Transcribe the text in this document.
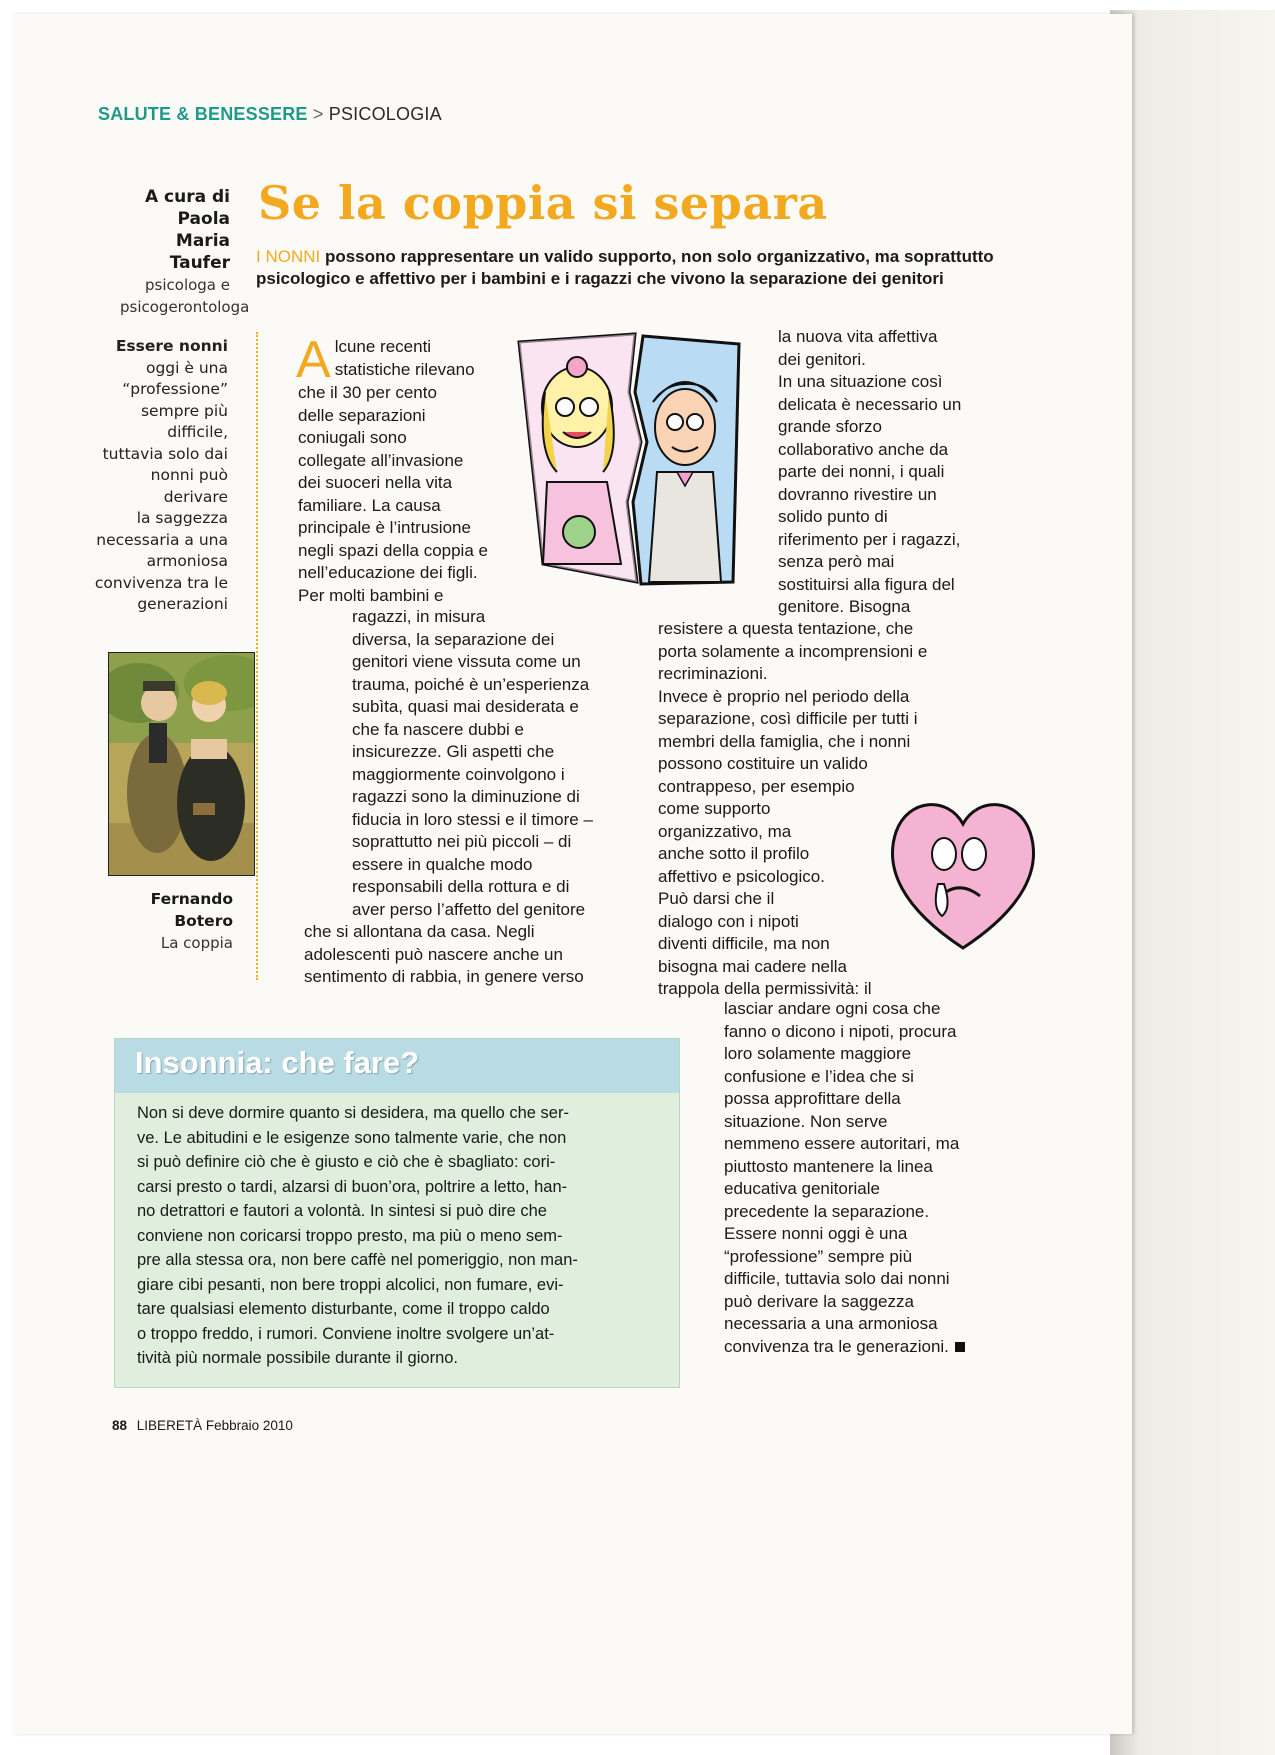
SALUTE & BENESSERE > PSICOLOGIA
A cura di
Paola Maria
Taufer
psicologa e
psicogerontologa
Se la coppia si separa
I NONNI possono rappresentare un valido supporto, non solo organizzativo, ma soprattutto
psicologico e affettivo per i bambini e i ragazzi che vivono la separazione dei genitori
Essere nonni
oggi è una
“professione”
sempre più difficile,
tuttavia solo dai
nonni può derivare
la saggezza
necessaria a una
armoniosa
convivenza tra le
generazioni
Fernando Botero
La coppia
A lcune recenti
statistiche rilevano
che il 30 per cento
delle separazioni
coniugali sono
collegate all’invasione
dei suoceri nella vita
familiare. La causa
principale è l’intrusione
negli spazi della coppia e
nell’educazione dei figli.
Per molti bambini e
ragazzi, in misura
diversa, la separazione dei
genitori viene vissuta come un
trauma, poiché è un’esperienza
subìta, quasi mai desiderata e
che fa nascere dubbi e
insicurezze. Gli aspetti che
maggiormente coinvolgono i
ragazzi sono la diminuzione di
fiducia in loro stessi e il timore –
soprattutto nei più piccoli – di
essere in qualche modo
responsabili della rottura e di
aver perso l’affetto del genitore
che si allontana da casa. Negli
adolescenti può nascere anche un
sentimento di rabbia, in genere verso
la nuova vita affettiva
dei genitori.
In una situazione così
delicata è necessario un
grande sforzo
collaborativo anche da
parte dei nonni, i quali
dovranno rivestire un
solido punto di
riferimento per i ragazzi,
senza però mai
sostituirsi alla figura del
genitore. Bisogna
resistere a questa tentazione, che
porta solamente a incomprensioni e
recriminazioni.
Invece è proprio nel periodo della
separazione, così difficile per tutti i
membri della famiglia, che i nonni
possono costituire un valido
contrappeso, per esempio
come supporto
organizzativo, ma
anche sotto il profilo
affettivo e psicologico.
Può darsi che il
dialogo con i nipoti
diventi difficile, ma non
bisogna mai cadere nella
trappola della permissività: il
lasciar andare ogni cosa che
fanno o dicono i nipoti, procura
loro solamente maggiore
confusione e l’idea che si
possa approfittare della
situazione. Non serve
nemmeno essere autoritari, ma
piuttosto mantenere la linea
educativa genitoriale
precedente la separazione.
Essere nonni oggi è una
“professione” sempre più
difficile, tuttavia solo dai nonni
può derivare la saggezza
necessaria a una armoniosa
convivenza tra le generazioni.
Insonnia: che fare?
Non si deve dormire quanto si desidera, ma quello che ser-
ve. Le abitudini e le esigenze sono talmente varie, che non
si può definire ciò che è giusto e ciò che è sbagliato: cori-
carsi presto o tardi, alzarsi di buon’ora, poltrire a letto, han-
no detrattori e fautori a volontà. In sintesi si può dire che
conviene non coricarsi troppo presto, ma più o meno sem-
pre alla stessa ora, non bere caffè nel pomeriggio, non man-
giare cibi pesanti, non bere troppi alcolici, non fumare, evi-
tare qualsiasi elemento disturbante, come il troppo caldo
o troppo freddo, i rumori. Conviene inoltre svolgere un’at-
tività più normale possibile durante il giorno.
88 LIBERETÀ Febbraio 2010
